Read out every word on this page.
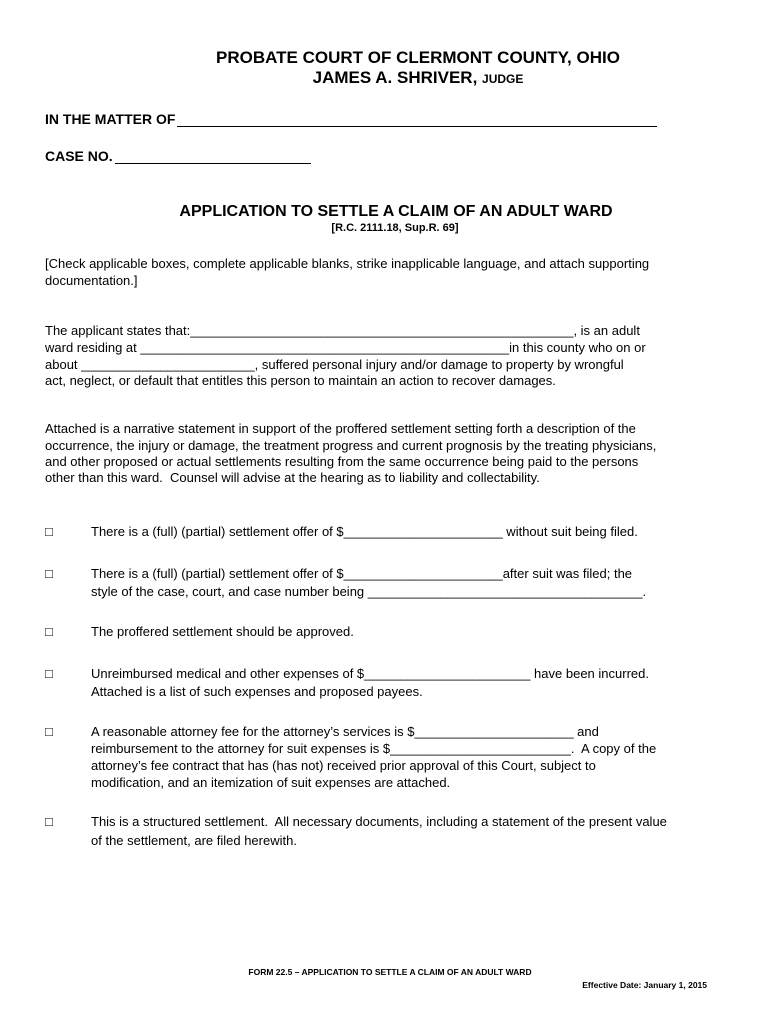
PROBATE COURT OF CLERMONT COUNTY, OHIO
JAMES A. SHRIVER, JUDGE
IN THE MATTER OF
CASE NO.
APPLICATION TO SETTLE A CLAIM OF AN ADULT WARD
[R.C. 2111.18, Sup.R. 69]
[Check applicable boxes, complete applicable blanks, strike inapplicable language, and attach supporting
documentation.]
The applicant states that:_____________________________________________________, is an adult
ward residing at ___________________________________________________in this county who on or
about ________________________, suffered personal injury and/or damage to property by wrongful
act, neglect, or default that entitles this person to maintain an action to recover damages.
Attached is a narrative statement in support of the proffered settlement setting forth a description of the
occurrence, the injury or damage, the treatment progress and current prognosis by the treating physicians,
and other proposed or actual settlements resulting from the same occurrence being paid to the persons
other than this ward.  Counsel will advise at the hearing as to liability and collectability.
□	There is a (full) (partial) settlement offer of $______________________ without suit being filed.
□	There is a (full) (partial) settlement offer of $______________________after suit was filed; the
style of the case, court, and case number being ______________________________________.
□	The proffered settlement should be approved.
□	Unreimbursed medical and other expenses of $_______________________ have been incurred.
Attached is a list of such expenses and proposed payees.
□	A reasonable attorney fee for the attorney’s services is $______________________ and
reimbursement to the attorney for suit expenses is $_________________________.  A copy of the
attorney’s fee contract that has (has not) received prior approval of this Court, subject to
modification, and an itemization of suit expenses are attached.
□	This is a structured settlement.  All necessary documents, including a statement of the present value
of the settlement, are filed herewith.
FORM 22.5 – APPLICATION TO SETTLE A CLAIM OF AN ADULT WARD
Effective Date: January 1, 2015
